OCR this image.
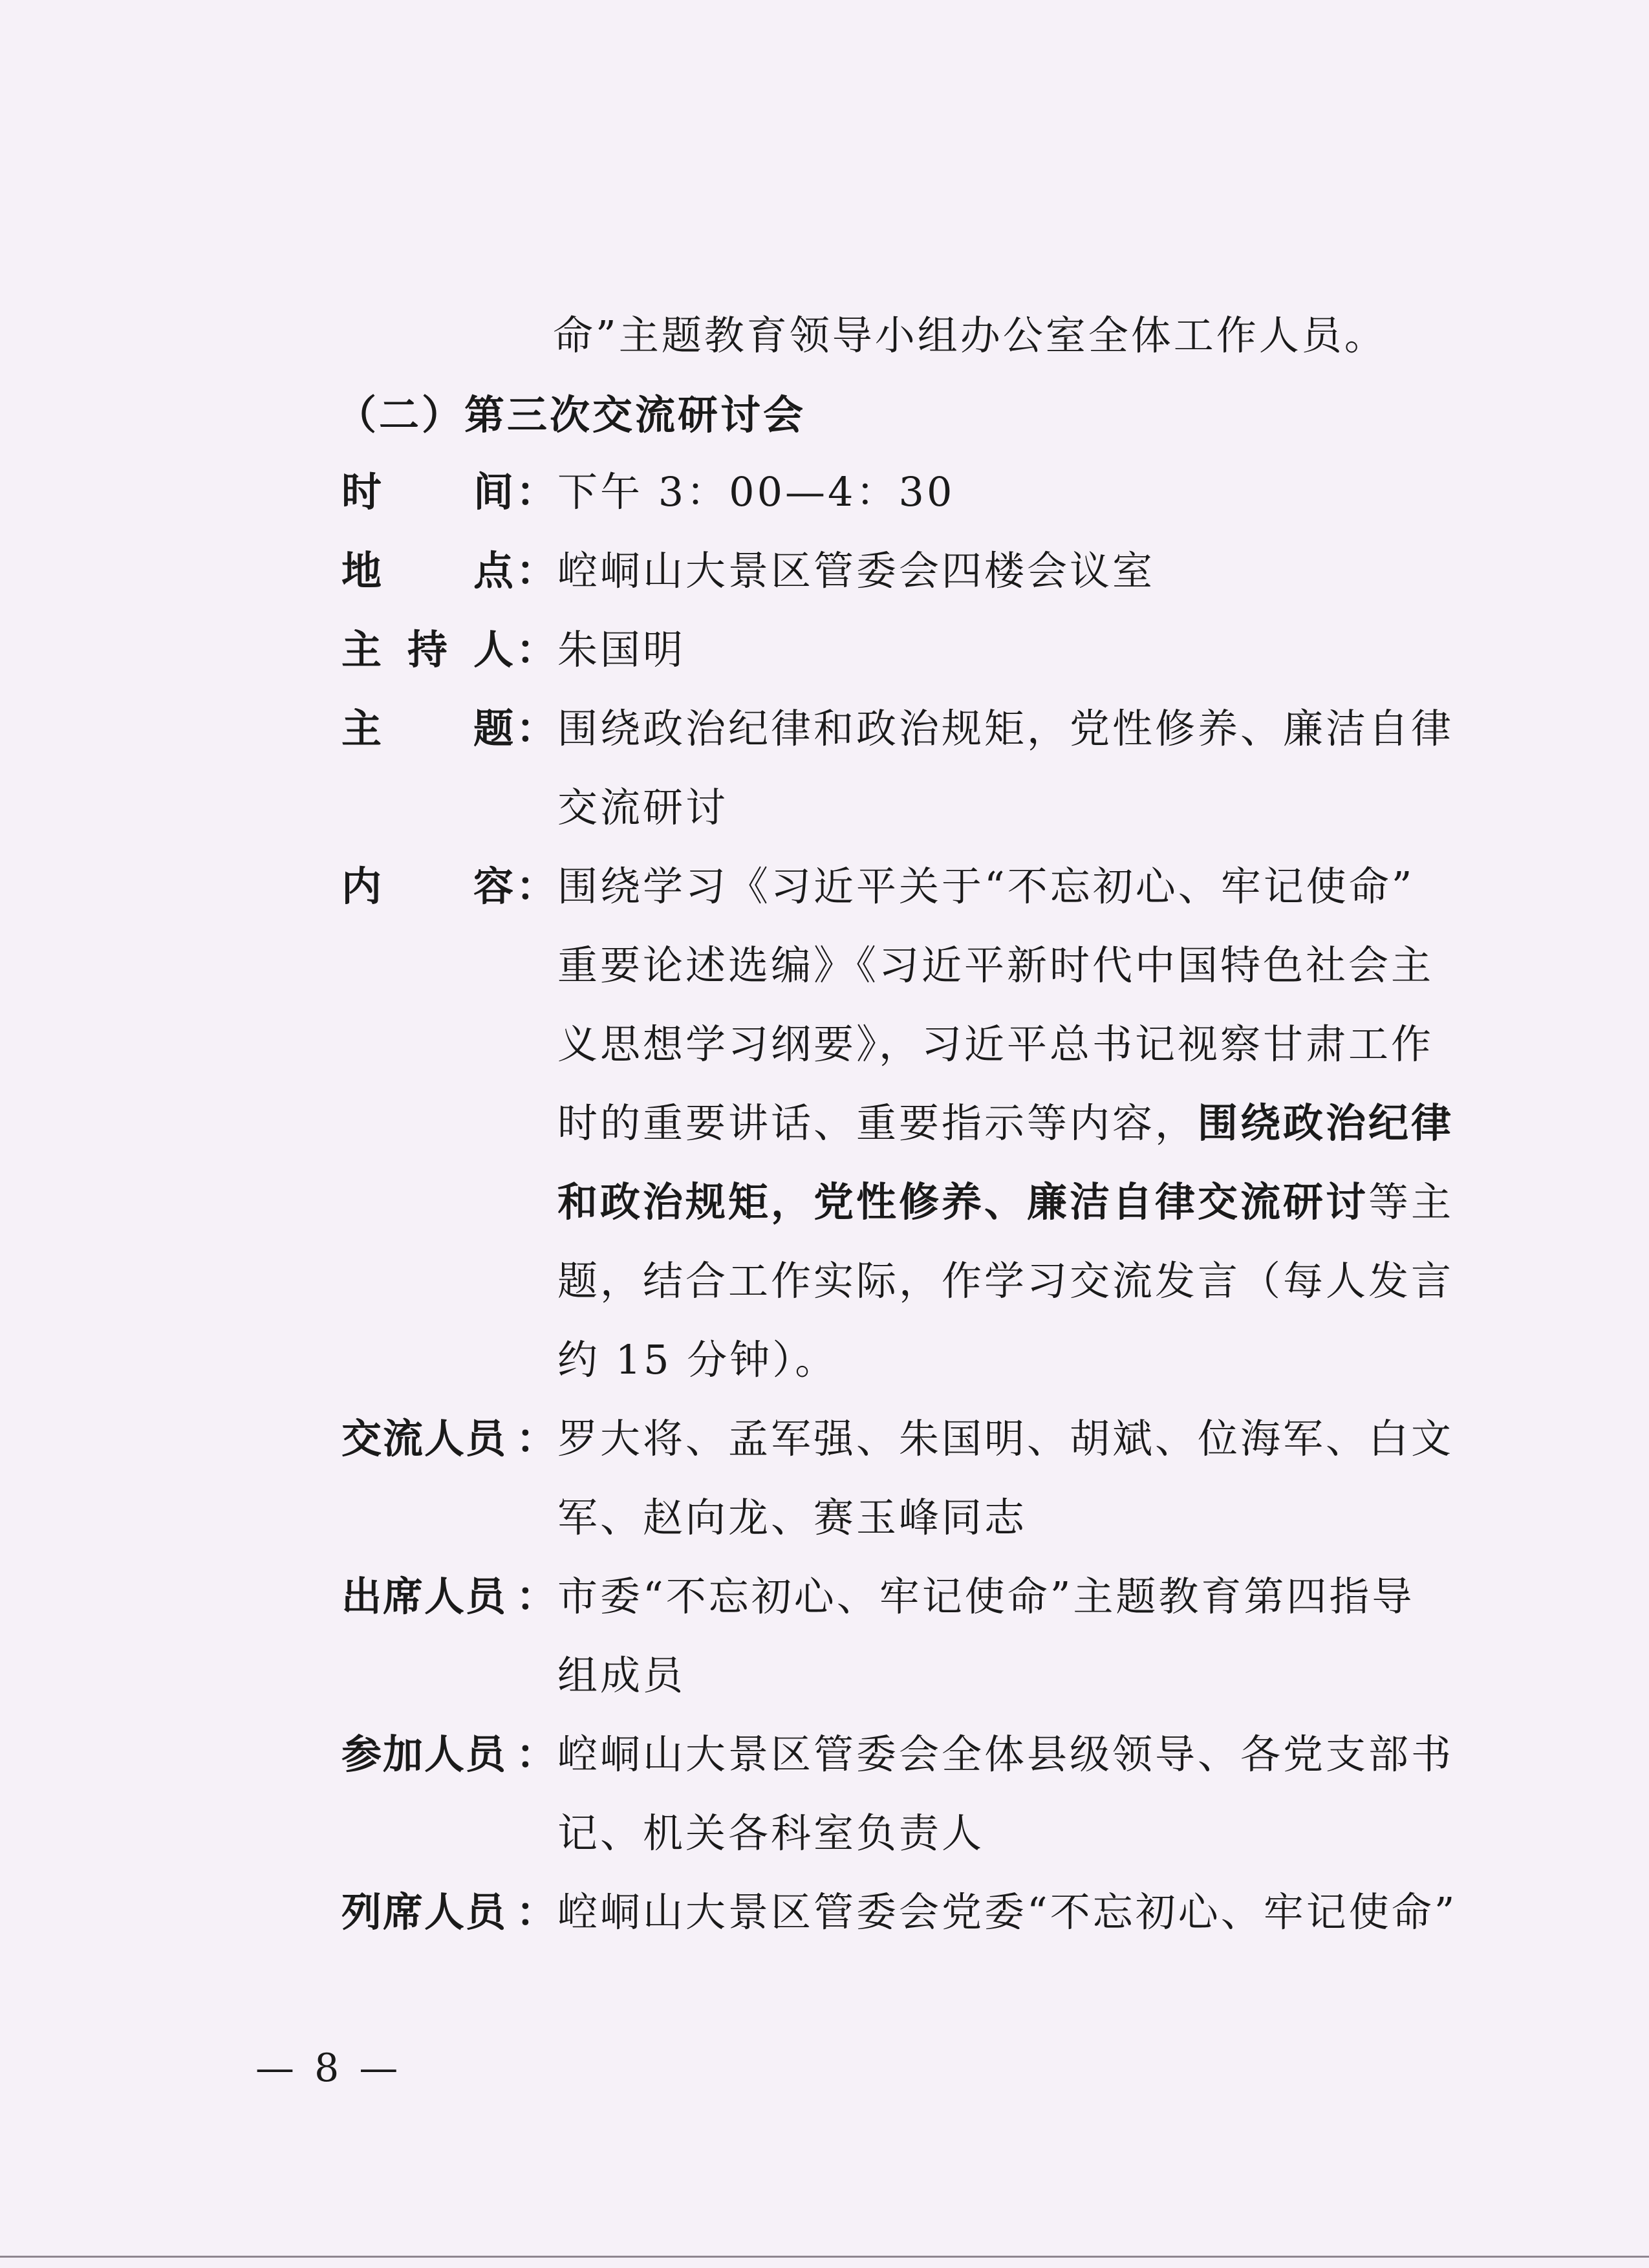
命”主题教育领导小组办公室全体工作人员。
（二）第三次交流研讨会
时 间 ： 下午 3：00—4：30
地 点 ： 崆峒山大景区管委会四楼会议室
主 持 人 ： 朱国明
主 题 ： 围绕政治纪律和政治规矩，党性修养、廉洁自律
交流研讨
内 容 ： 围绕学习《习近平关于“不忘初心、牢记使命”
重要论述选编》《习近平新时代中国特色社会主
义思想学习纲要》，习近平总书记视察甘肃工作
时的重要讲话、重要指示等内容，围绕政治纪律
和政治规矩，党性修养、廉洁自律交流研讨等主
题，结合工作实际，作学习交流发言（每人发言
约 15 分钟）。
交流人员 ： 罗大将、孟军强、朱国明、胡斌、位海军、白文
军、赵向龙、赛玉峰同志
出席人员 ： 市委“不忘初心、牢记使命”主题教育第四指导
组成员
参加人员 ： 崆峒山大景区管委会全体县级领导、各党支部书
记、机关各科室负责人
列席人员 ： 崆峒山大景区管委会党委“不忘初心、牢记使命”
— 8 —
